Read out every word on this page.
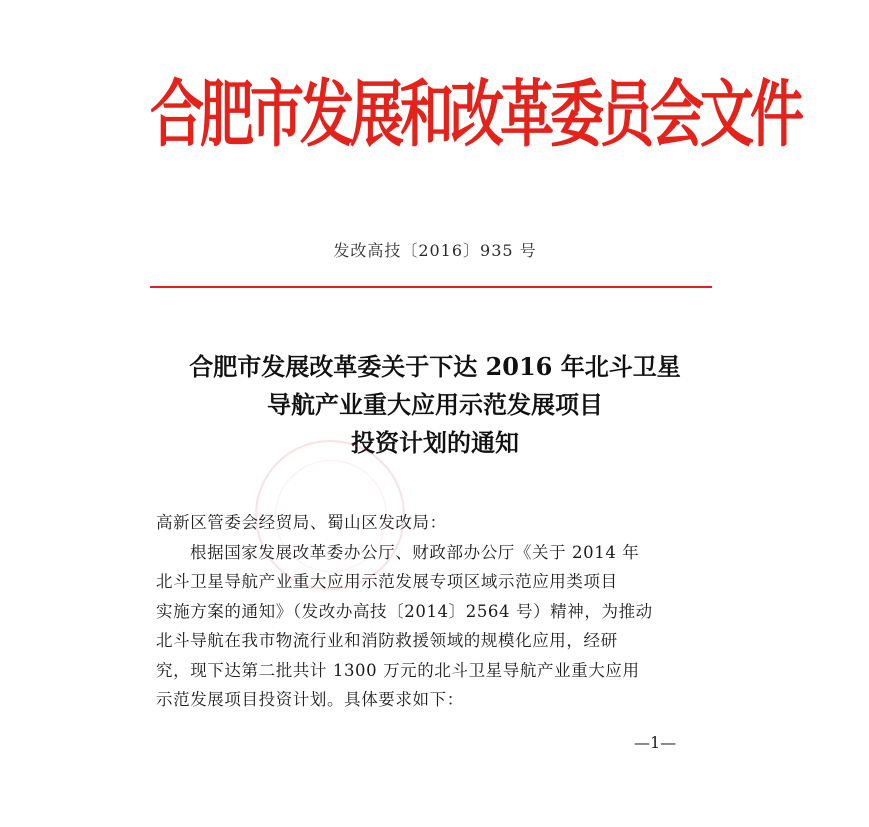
合肥市发展和改革委员会文件
发改高技〔2016〕935 号
合肥市发展改革委关于下达 2016 年北斗卫星
导航产业重大应用示范发展项目
投资计划的通知
高新区管委会经贸局、蜀山区发改局：
根据国家发展改革委办公厅、财政部办公厅《关于 2014 年
北斗卫星导航产业重大应用示范发展专项区域示范应用类项目
实施方案的通知》（发改办高技〔2014〕2564 号）精神，为推动
北斗导航在我市物流行业和消防救援领域的规模化应用，经研
究，现下达第二批共计 1300 万元的北斗卫星导航产业重大应用
示范发展项目投资计划。具体要求如下：
—1—
